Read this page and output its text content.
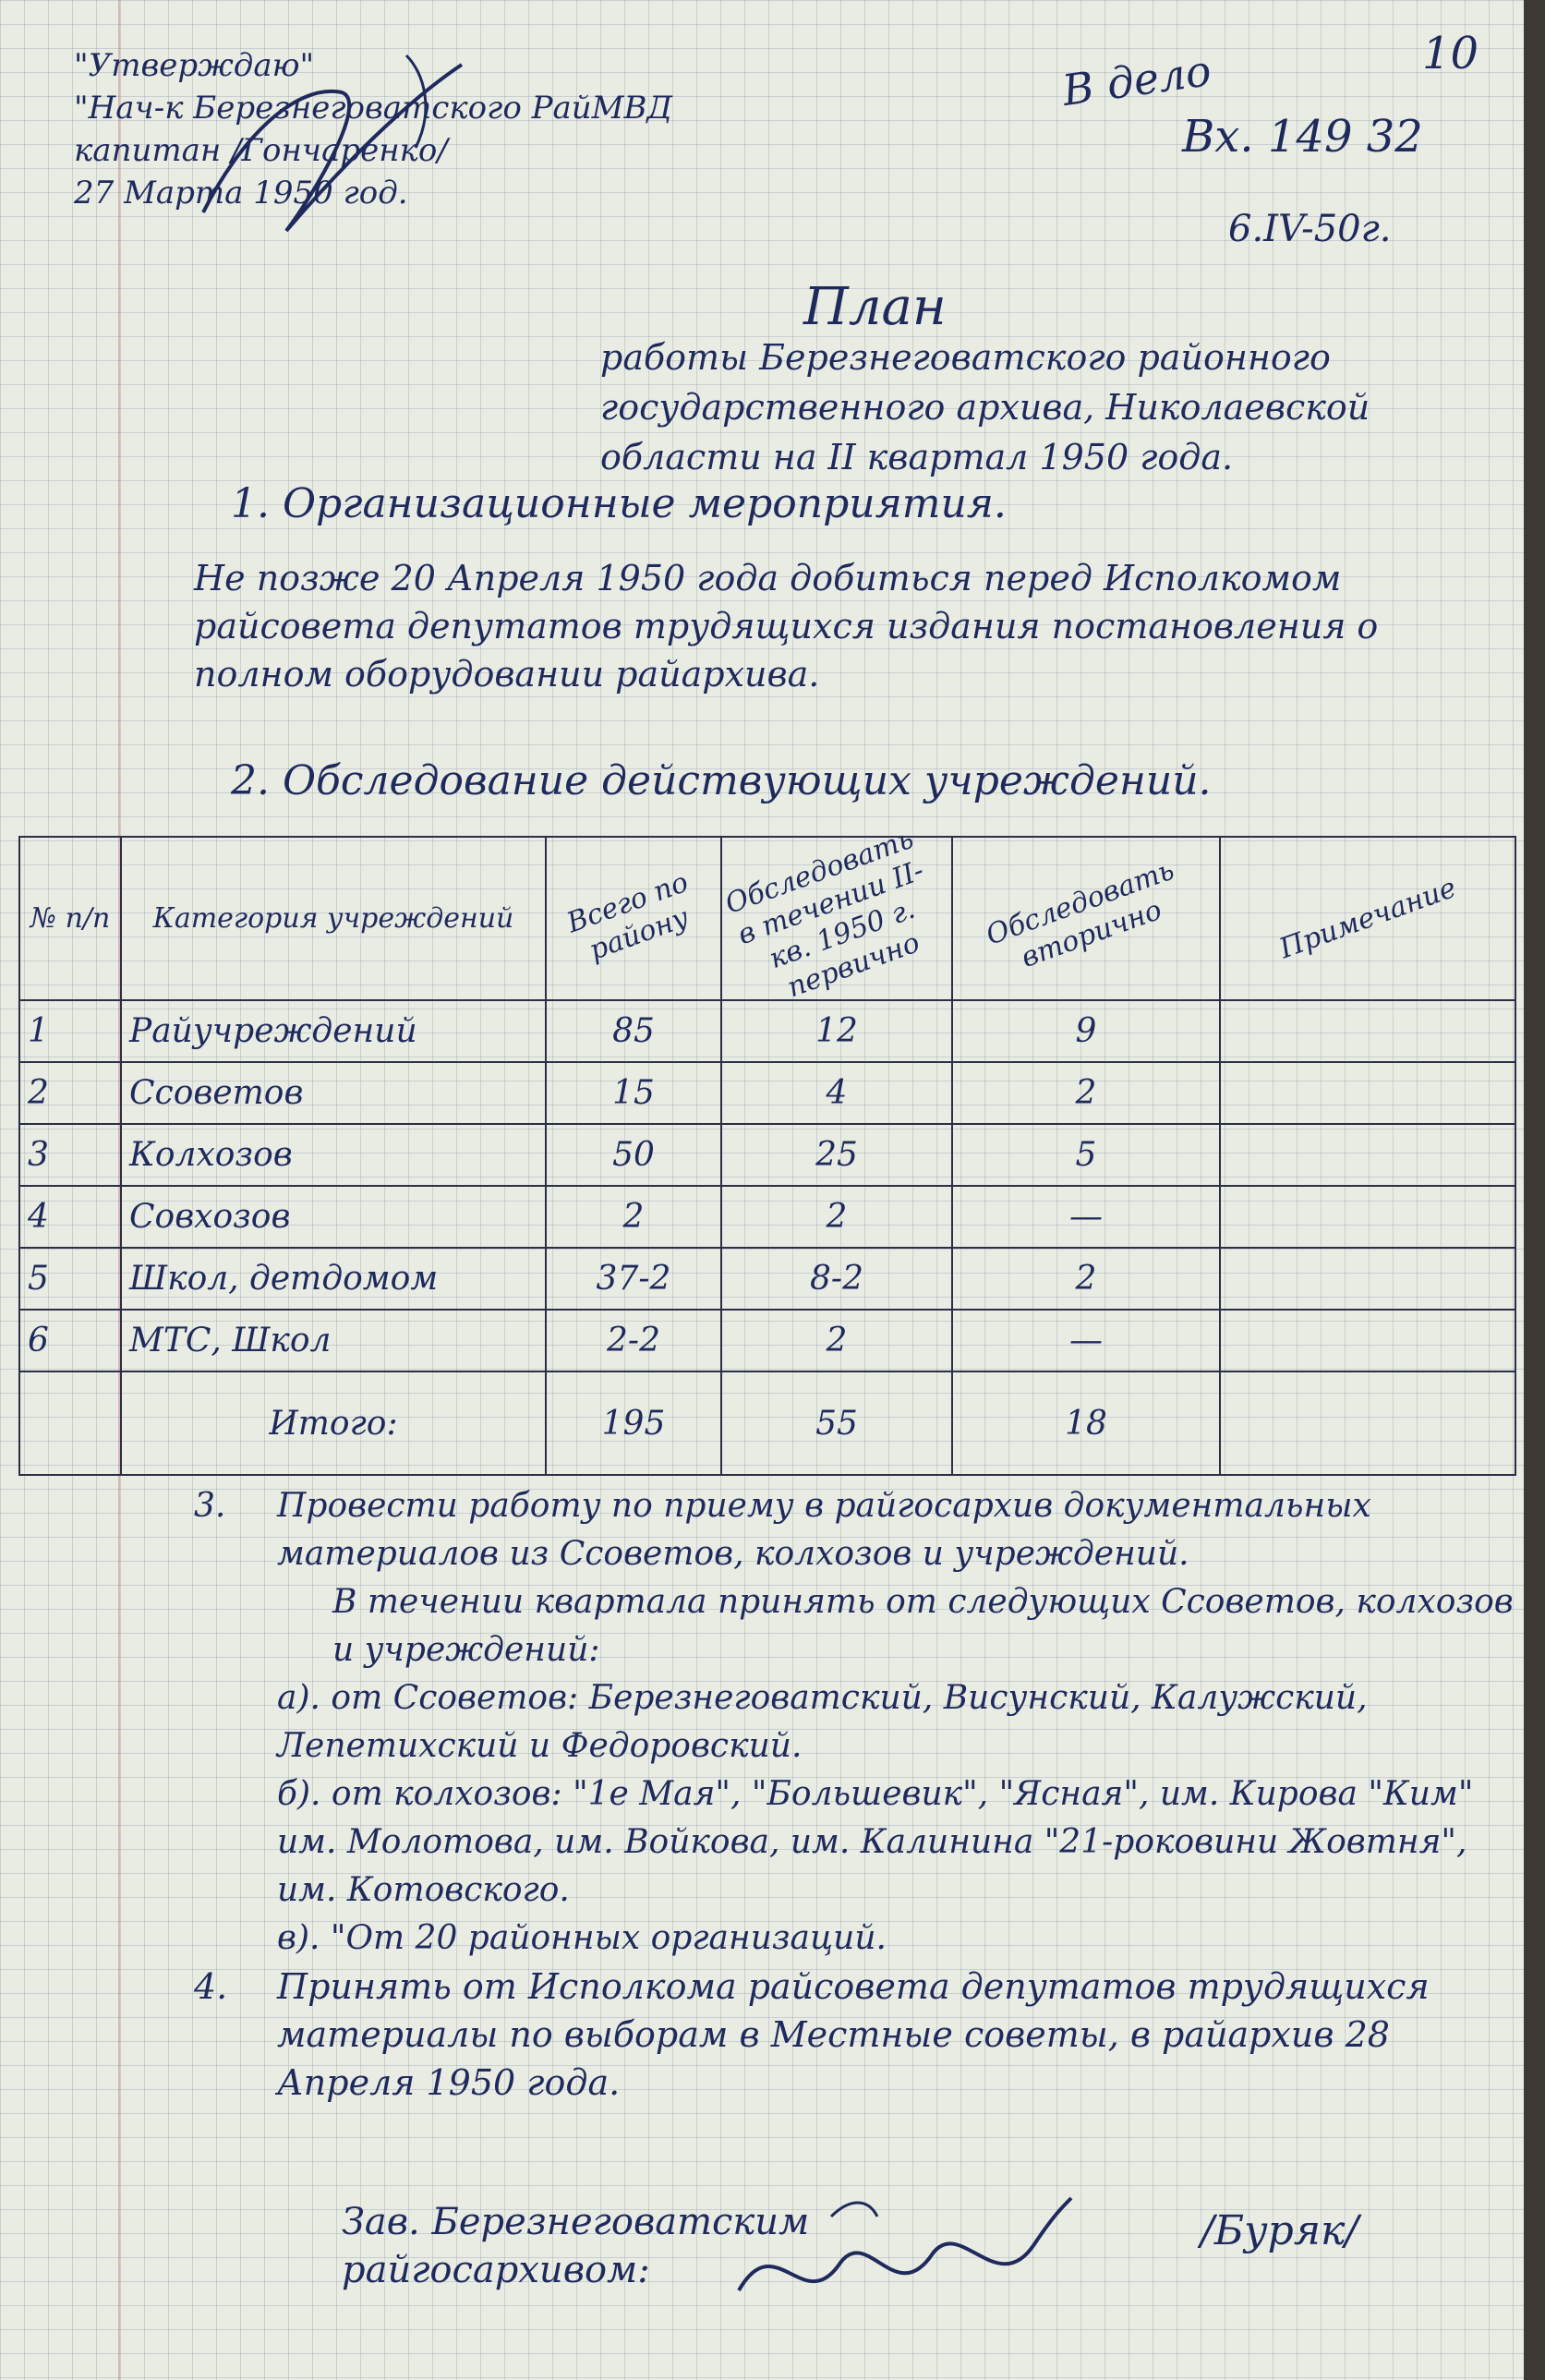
"Утверждаю"
"Нач-к Березнеговатского РайМВД
капитан /Гончаренко/
27 Марта 1950 год.
В дело
Вх. 149 32
6.IV-50г.
10
План
работы Березнеговатского районного государственного архива, Николаевской области на II квартал 1950 года.
1. Организационные мероприятия.
Не позже 20 Апреля 1950 года добиться перед Исполкомом райсовета депутатов трудящихся издания постановления о полном оборудовании райархива.
2. Обследование действующих учреждений.
№ п/п	Категория учреждений	Всего по району	Обследовать в течении II-кв. 1950 г. первично	Обследовать вторично	Примечание
1	Райучреждений	85	12	9	
2	Ссоветов	15	4	2	
3	Колхозов	50	25	5	
4	Совхозов	2	2	—	
5	Школ, детдомом	37-2	8-2	2	
6	МТС, Школ	2-2	2	—	
	Итого:	195	55	18	
3. Провести работу по приему в райгосархив документальных материалов из Ссоветов, колхозов и учреждений.
В течении квартала принять от следующих Ссоветов, колхозов и учреждений:
а). от Ссоветов: Березнеговатский, Висунский, Калужский, Лепетихский и Федоровский.
б). от колхозов: "1е Мая", "Большевик", "Ясная", им. Кирова "Ким" им. Молотова, им. Войкова, им. Калинина "21-роковини Жовтня", им. Котовского.
в). "От 20 районных организаций.
4. Принять от Исполкома райсовета депутатов трудящихся материалы по выборам в Местные советы, в райархив 28 Апреля 1950 года.
Зав. Березнеговатским
райгосархивом:
/Буряк/
